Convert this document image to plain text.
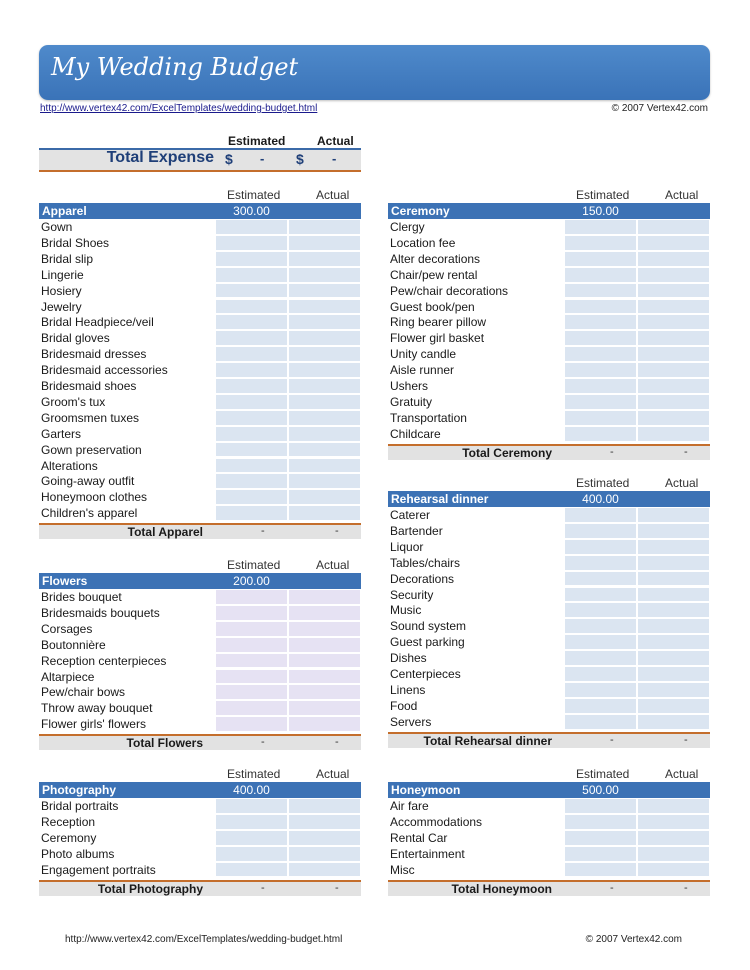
My Wedding Budget
http://www.vertex42.com/ExcelTemplates/wedding-budget.html	© 2007 Vertex42.com
Estimated	Actual
Total Expense $ - $ -
Estimated	Actual
Apparel	300.00
Gown
Bridal Shoes
Bridal slip
Lingerie
Hosiery
Jewelry
Bridal Headpiece/veil
Bridal gloves
Bridesmaid dresses
Bridesmaid accessories
Bridesmaid shoes
Groom's tux
Groomsmen tuxes
Garters
Gown preservation
Alterations
Going-away outfit
Honeymoon clothes
Children's apparel
Total Apparel	-	-
Estimated	Actual
Flowers	200.00
Brides bouquet
Bridesmaids bouquets
Corsages
Boutonnière
Reception centerpieces
Altarpiece
Pew/chair bows
Throw away bouquet
Flower girls' flowers
Total Flowers	-	-
Estimated	Actual
Photography	400.00
Bridal portraits
Reception
Ceremony
Photo albums
Engagement portraits
Total Photography	-	-
Estimated	Actual
Ceremony	150.00
Clergy
Location fee
Alter decorations
Chair/pew rental
Pew/chair decorations
Guest book/pen
Ring bearer pillow
Flower girl basket
Unity candle
Aisle runner
Ushers
Gratuity
Transportation
Childcare
Total Ceremony	-	-
Estimated	Actual
Rehearsal dinner	400.00
Caterer
Bartender
Liquor
Tables/chairs
Decorations
Security
Music
Sound system
Guest parking
Dishes
Centerpieces
Linens
Food
Servers
Total Rehearsal dinner	-	-
Estimated	Actual
Honeymoon	500.00
Air fare
Accommodations
Rental Car
Entertainment
Misc
Total Honeymoon	-	-
http://www.vertex42.com/ExcelTemplates/wedding-budget.html	© 2007 Vertex42.com
